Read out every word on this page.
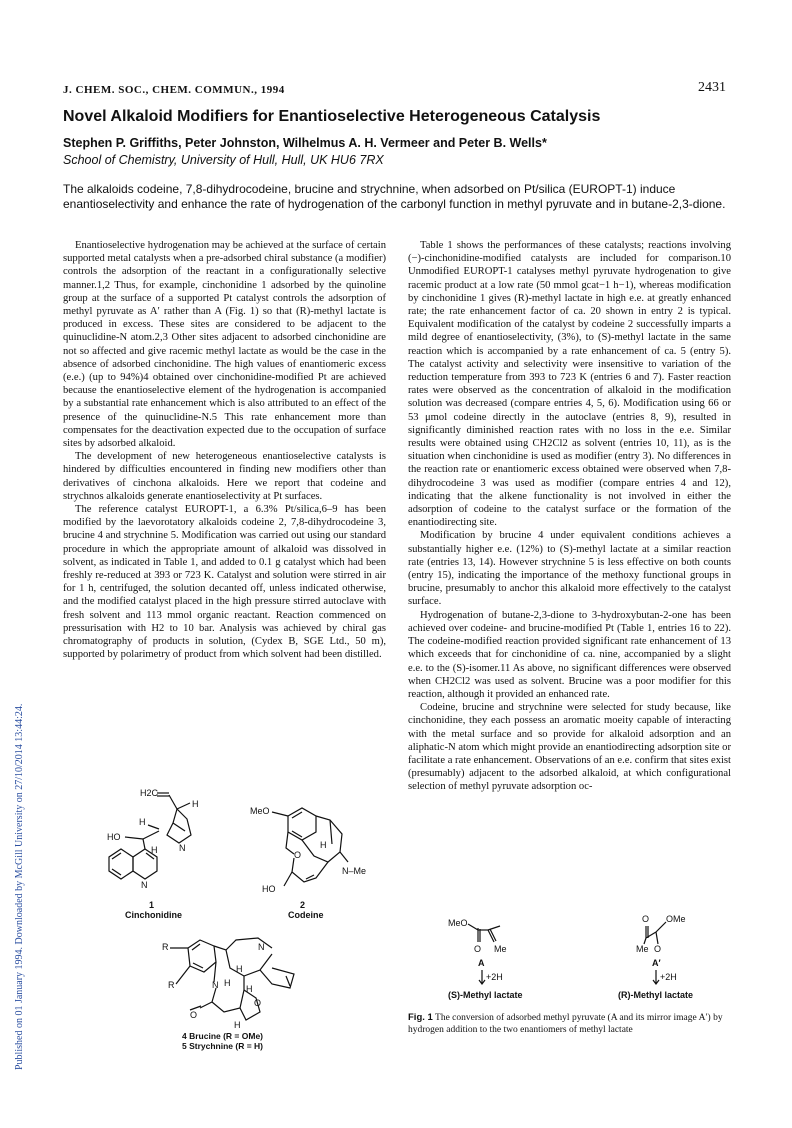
Published on 01 January 1994. Downloaded by McGill University on 27/10/2014 13:44:24.
J. CHEM. SOC., CHEM. COMMUN., 1994	2431
Novel Alkaloid Modifiers for Enantioselective Heterogeneous Catalysis
Stephen P. Griffiths, Peter Johnston, Wilhelmus A. H. Vermeer and Peter B. Wells*
School of Chemistry, University of Hull, Hull, UK HU6 7RX
The alkaloids codeine, 7,8-dihydrocodeine, brucine and strychnine, when adsorbed on Pt/silica (EUROPT-1) induce enantioselectivity and enhance the rate of hydrogenation of the carbonyl function in methyl pyruvate and in butane-2,3-dione.

Enantioselective hydrogenation may be achieved at the surface of certain supported metal catalysts when a pre-adsorbed chiral substance (a modifier) controls the adsorption of the reactant in a configurationally selective manner.1,2 Thus, for example, cinchonidine 1 adsorbed by the quinoline group at the surface of a supported Pt catalyst controls the adsorption of methyl pyruvate as A′ rather than A (Fig. 1) so that (R)-methyl lactate is produced in excess. These sites are considered to be adjacent to the quinuclidine-N atom.2,3 Other sites adjacent to adsorbed cinchonidine are not so affected and give racemic methyl lactate as would be the case in the absence of adsorbed cinchonidine. The high values of enantiomeric excess (e.e.) (up to 94%)4 obtained over cinchonidine-modified Pt are achieved because the enantioselective element of the hydrogenation is accompanied by a substantial rate enhancement which is also attributed to an effect of the presence of the quinuclidine-N.5 This rate enhancement more than compensates for the deactivation expected due to the occupation of surface sites by adsorbed alkaloid.

The development of new heterogeneous enantioselective catalysts is hindered by difficulties encountered in finding new modifiers other than derivatives of cinchona alkaloids. Here we report that codeine and strychnos alkaloids generate enantioselectivity at Pt surfaces.

The reference catalyst EUROPT-1, a 6.3% Pt/silica,6–9 has been modified by the laevorotatory alkaloids codeine 2, 7,8-dihydrocodeine 3, brucine 4 and strychnine 5. Modification was carried out using our standard procedure in which the appropriate amount of alkaloid was dissolved in solvent, as indicated in Table 1, and added to 0.1 g catalyst which had been freshly re-reduced at 393 or 723 K. Catalyst and solution were stirred in air for 1 h, centrifuged, the solution decanted off, unless indicated otherwise, and the modified catalyst placed in the high pressure stirred autoclave with fresh solvent and 113 mmol organic reactant. Reaction commenced on pressurisation with H2 to 10 bar. Analysis was achieved by chiral gas chromatography of products in solution, (Cydex B, SGE Ltd., 50 m), supported by polarimetry of product from which solvent had been distilled.

Table 1 shows the performances of these catalysts; reactions involving (−)-cinchonidine-modified catalysts are included for comparison.10 Unmodified EUROPT-1 catalyses methyl pyruvate hydrogenation to give racemic product at a low rate (50 mmol gcat−1 h−1), whereas modification by cinchonidine 1 gives (R)-methyl lactate in high e.e. at greatly enhanced rate; the rate enhancement factor of ca. 20 shown in entry 2 is typical. Equivalent modification of the catalyst by codeine 2 successfully imparts a mild degree of enantioselectivity, (3%), to (S)-methyl lactate in the same reaction which is accompanied by a rate enhancement of ca. 5 (entry 5). The catalyst activity and selectivity were insensitive to variation of the reduction temperature from 393 to 723 K (entries 6 and 7). Faster reaction rates were observed as the concentration of alkaloid in the modification solution was decreased (compare entries 4, 5, 6). Modification using 66 or 53 μmol codeine directly in the autoclave (entries 8, 9), resulted in significantly diminished reaction rates with no loss in the e.e. Similar results were obtained using CH2Cl2 as solvent (entries 10, 11), as is the situation when cinchonidine is used as modifier (entry 3). No differences in the reaction rate or enantiomeric excess obtained were observed when 7,8-dihydrocodeine 3 was used as modifier (compare entries 4 and 12), indicating that the alkene functionality is not involved in either the adsorption of codeine to the catalyst surface or the formation of the enantiodirecting site.

Modification by brucine 4 under equivalent conditions achieves a substantially higher e.e. (12%) to (S)-methyl lactate at a similar reaction rate (entries 13, 14). However strychnine 5 is less effective on both counts (entry 15), indicating the importance of the methoxy functional groups in brucine, presumably to anchor this alkaloid more effectively to the catalyst surface.

Hydrogenation of butane-2,3-dione to 3-hydroxybutan-2-one has been achieved over codeine- and brucine-modified Pt (Table 1, entries 16 to 22). The codeine-modified reaction provided significant rate enhancement of 13 which exceeds that for cinchonidine of ca. nine, accompanied by a slight e.e. to the (S)-isomer.11 As above, no significant differences were observed when CH2Cl2 was used as solvent. Brucine was a poor modifier for this reaction, although it provided an enhanced rate.

Codeine, brucine and strychnine were selected for study because, like cinchonidine, they each possess an aromatic moeity capable of interacting with the metal surface and so provide for alkaloid adsorption and an aliphatic-N atom which might provide an enantiodirecting adsorption site or facilitate a rate enhancement. Observations of an e.e. confirm that sites exist (presumably) adjacent to the adsorbed alkaloid, at which configurational selection of methyl pyruvate adsorption oc-

H2C
H
H
N
HO
H
N
1
Cinchonidine
MeO
O
H
N–Me
HO
2
Codeine
R
R
N
H
N H
O
H
O
H
4 Brucine (R = OMe)
5 Strychnine (R = H)
MeO
O Me
A
+2H
(S)-Methyl lactate
O OMe
Me O
A′
+2H
(R)-Methyl lactate
Fig. 1 The conversion of adsorbed methyl pyruvate (A and its mirror image A′) by hydrogen addition to the two enantiomers of methyl lactate
